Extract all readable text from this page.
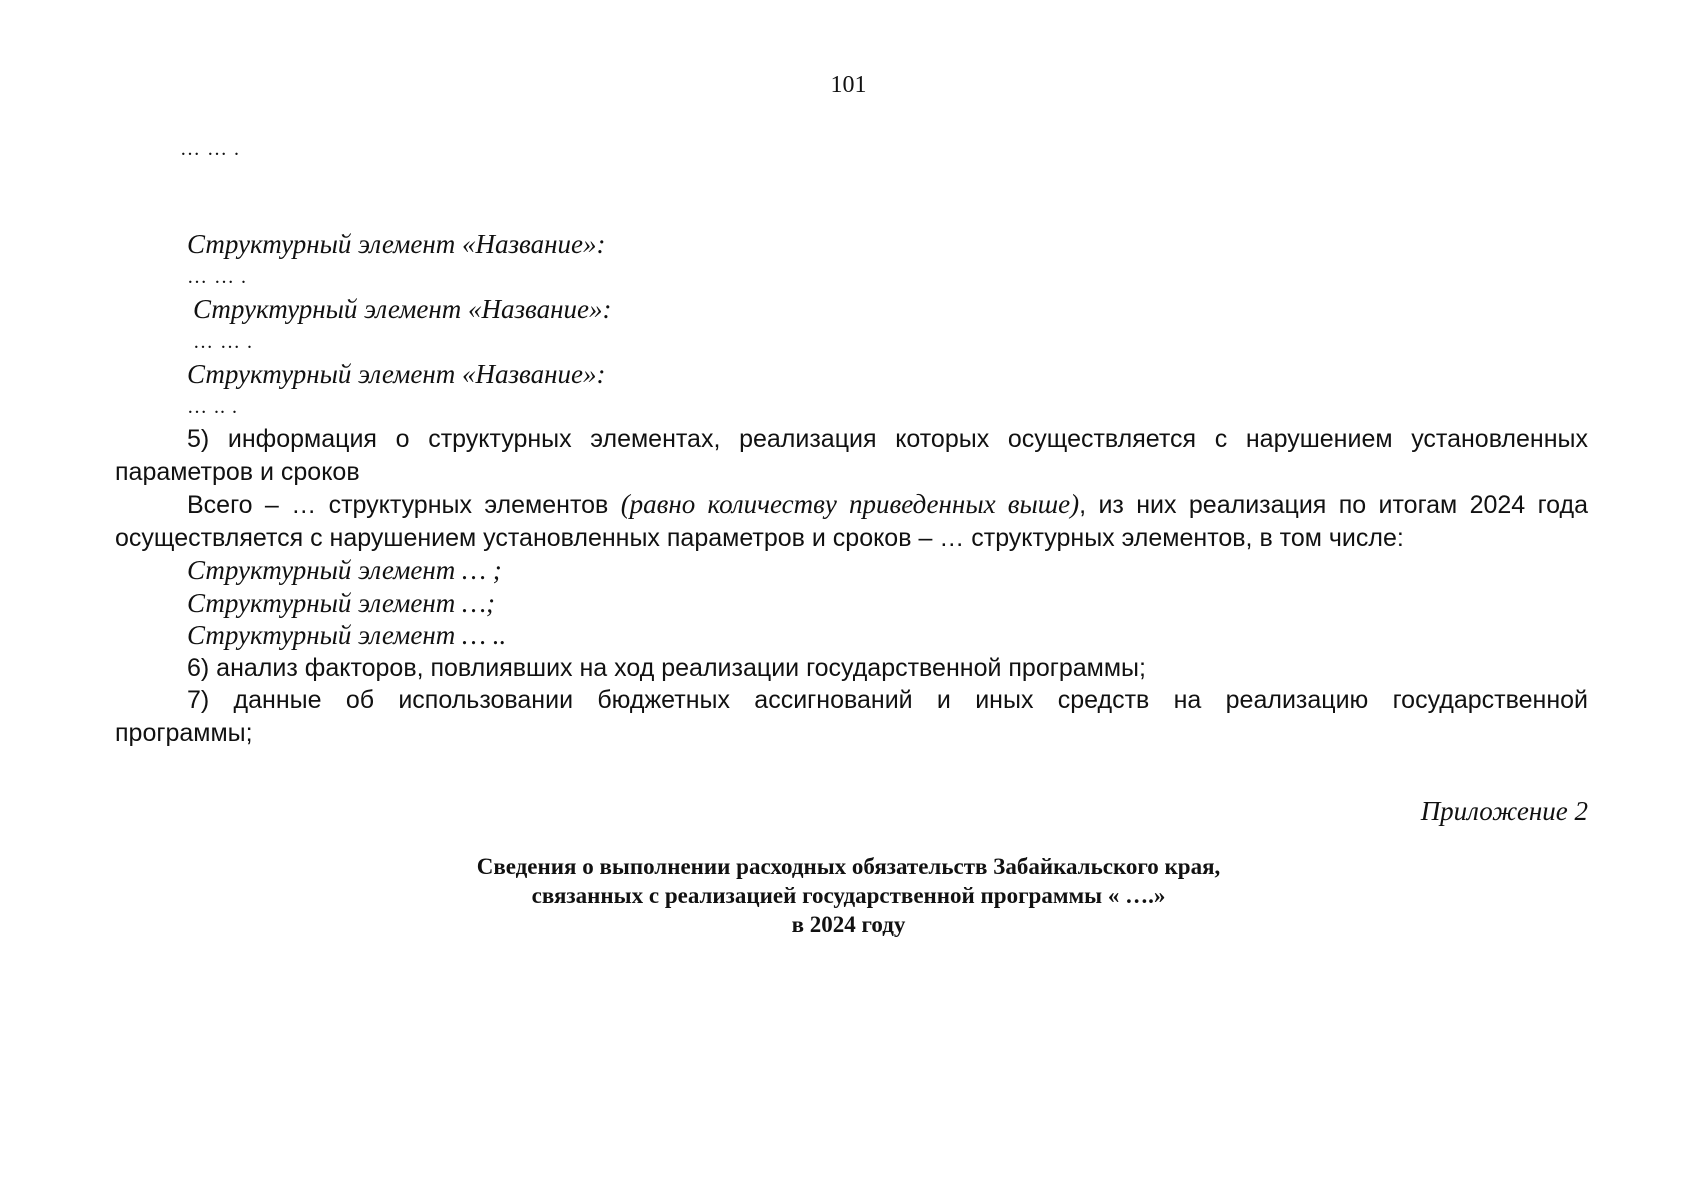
101
… … .
Структурный элемент «Название»:
… … .
Структурный элемент «Название»:
… … .
Структурный элемент «Название»:
… .. .
5) информация о структурных элементах, реализация которых осуществляется с нарушением установленных
параметров и сроков
Всего – … структурных элементов (равно количеству приведенных выше), из них реализация по итогам 2024 года
осуществляется с нарушением установленных параметров и сроков – … структурных элементов, в том числе:
Структурный элемент … ;
Структурный элемент …;
Структурный элемент … ..
6) анализ факторов, повлиявших на ход реализации государственной программы;
7) данные об использовании бюджетных ассигнований и иных средств на реализацию государственной
программы;
Приложение 2
Сведения о выполнении расходных обязательств Забайкальского края,
связанных с реализацией государственной программы « ….»
в 2024 году
